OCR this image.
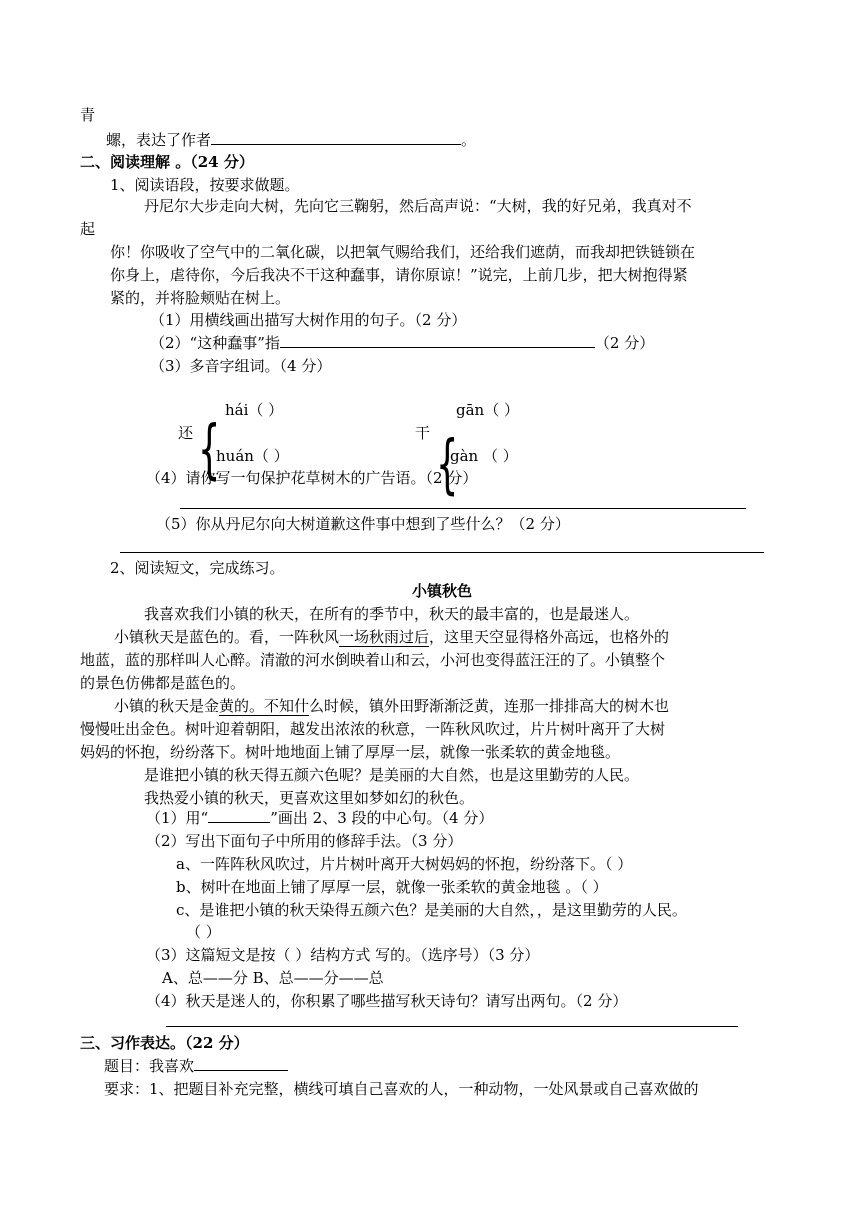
青
螺，表达了作者	。
二、阅读理解 。（24 分）
1、阅读语段，按要求做题。
丹尼尔大步走向大树，先向它三鞠躬，然后高声说：“大树，我的好兄弟，我真对不
起
你！你吸收了空气中的二氧化碳，以把氧气赐给我们，还给我们遮荫，而我却把铁链锁在
你身上，虐待你，今后我决不干这种蠢事，请你原谅！”说完，上前几步，把大树抱得紧
紧的，并将脸颊贴在树上。
（1）用横线画出描写大树作用的句子。（2 分）
（2）“这种蠢事”指	（2 分）
（3）多音字组词。（4 分）
hái（ ）
还 {
huán（ ）
gān（ ）
干 {
gàn （ ）
（4）请你写一句保护花草树木的广告语。（2 分）
（5）你从丹尼尔向大树道歉这件事中想到了些什么？（2 分）
2、阅读短文，完成练习。
小镇秋色
我喜欢我们小镇的秋天，在所有的季节中，秋天的最丰富的，也是最迷人。
小镇秋天是蓝色的。看，一阵秋风一场秋雨过后，这里天空显得格外高远，也格外的
地蓝，蓝的那样叫人心醉。清澈的河水倒映着山和云，小河也变得蓝汪汪的了。小镇整个
的景色仿佛都是蓝色的。
小镇的秋天是金黄的。不知什么时候，镇外田野渐渐泛黄，连那一排排高大的树木也
慢慢吐出金色。树叶迎着朝阳，越发出浓浓的秋意，一阵秋风吹过，片片树叶离开了大树
妈妈的怀抱，纷纷落下。树叶地地面上铺了厚厚一层，就像一张柔软的黄金地毯。
是谁把小镇的秋天得五颜六色呢？是美丽的大自然，也是这里勤劳的人民。
我热爱小镇的秋天，更喜欢这里如梦如幻的秋色。
（1）用“	”画出 2、3 段的中心句。（4 分）
（2）写出下面句子中所用的修辞手法。（3 分）
a、一阵阵秋风吹过，片片树叶离开大树妈妈的怀抱，纷纷落下。（ ）
b、树叶在地面上铺了厚厚一层，就像一张柔软的黄金地毯 。（ ）
c、是谁把小镇的秋天染得五颜六色？是美丽的大自然，，是这里勤劳的人民。
（ ）
（3）这篇短文是按（ ）结构方式 写的。（选序号）（3 分）
A、总——分 B、总——分——总
（4）秋天是迷人的，你积累了哪些描写秋天诗句？请写出两句。（2 分）
三、习作表达。（22 分）
题目：我喜欢
要求：1、把题目补充完整，横线可填自己喜欢的人，一种动物，一处风景或自己喜欢做的
